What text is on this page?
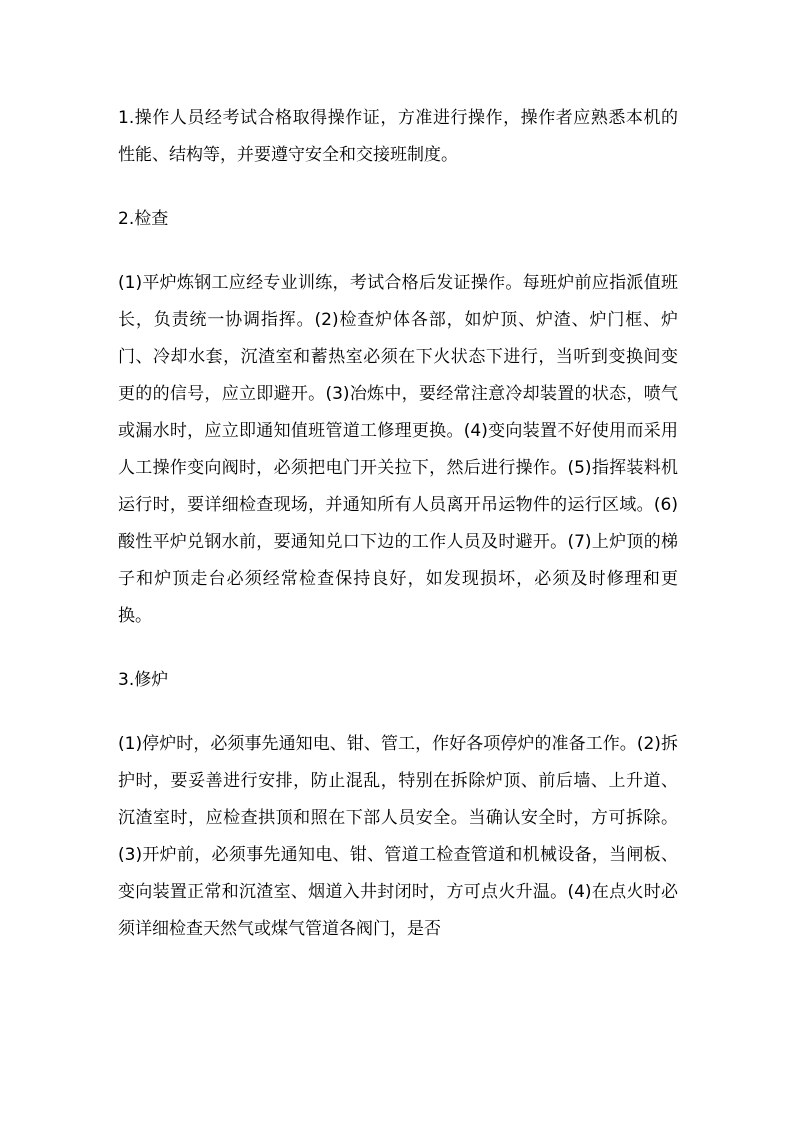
1.操作人员经考试合格取得操作证，方准进行操作，操作者应熟悉本机的性能、结构等，并要遵守安全和交接班制度。

2.检查

(1)平炉炼钢工应经专业训练，考试合格后发证操作。每班炉前应指派值班长，负责统一协调指挥。(2)检查炉体各部，如炉顶、炉渣、炉门框、炉门、冷却水套，沉渣室和蓄热室必须在下火状态下进行，当听到变换间变更的的信号，应立即避开。(3)冶炼中，要经常注意冷却装置的状态，喷气或漏水时，应立即通知值班管道工修理更换。(4)变向装置不好使用而采用人工操作变向阀时，必须把电门开关拉下，然后进行操作。(5)指挥装料机运行时，要详细检查现场，并通知所有人员离开吊运物件的运行区域。(6)酸性平炉兑钢水前，要通知兑口下边的工作人员及时避开。(7)上炉顶的梯子和炉顶走台必须经常检查保持良好，如发现损坏，必须及时修理和更换。

3.修炉

(1)停炉时，必须事先通知电、钳、管工，作好各项停炉的准备工作。(2)拆护时，要妥善进行安排，防止混乱，特别在拆除炉顶、前后墙、上升道、沉渣室时，应检查拱顶和照在下部人员安全。当确认安全时，方可拆除。(3)开炉前，必须事先通知电、钳、管道工检查管道和机械设备，当闸板、变向装置正常和沉渣室、烟道入井封闭时，方可点火升温。(4)在点火时必须详细检查天然气或煤气管道各阀门，是否
